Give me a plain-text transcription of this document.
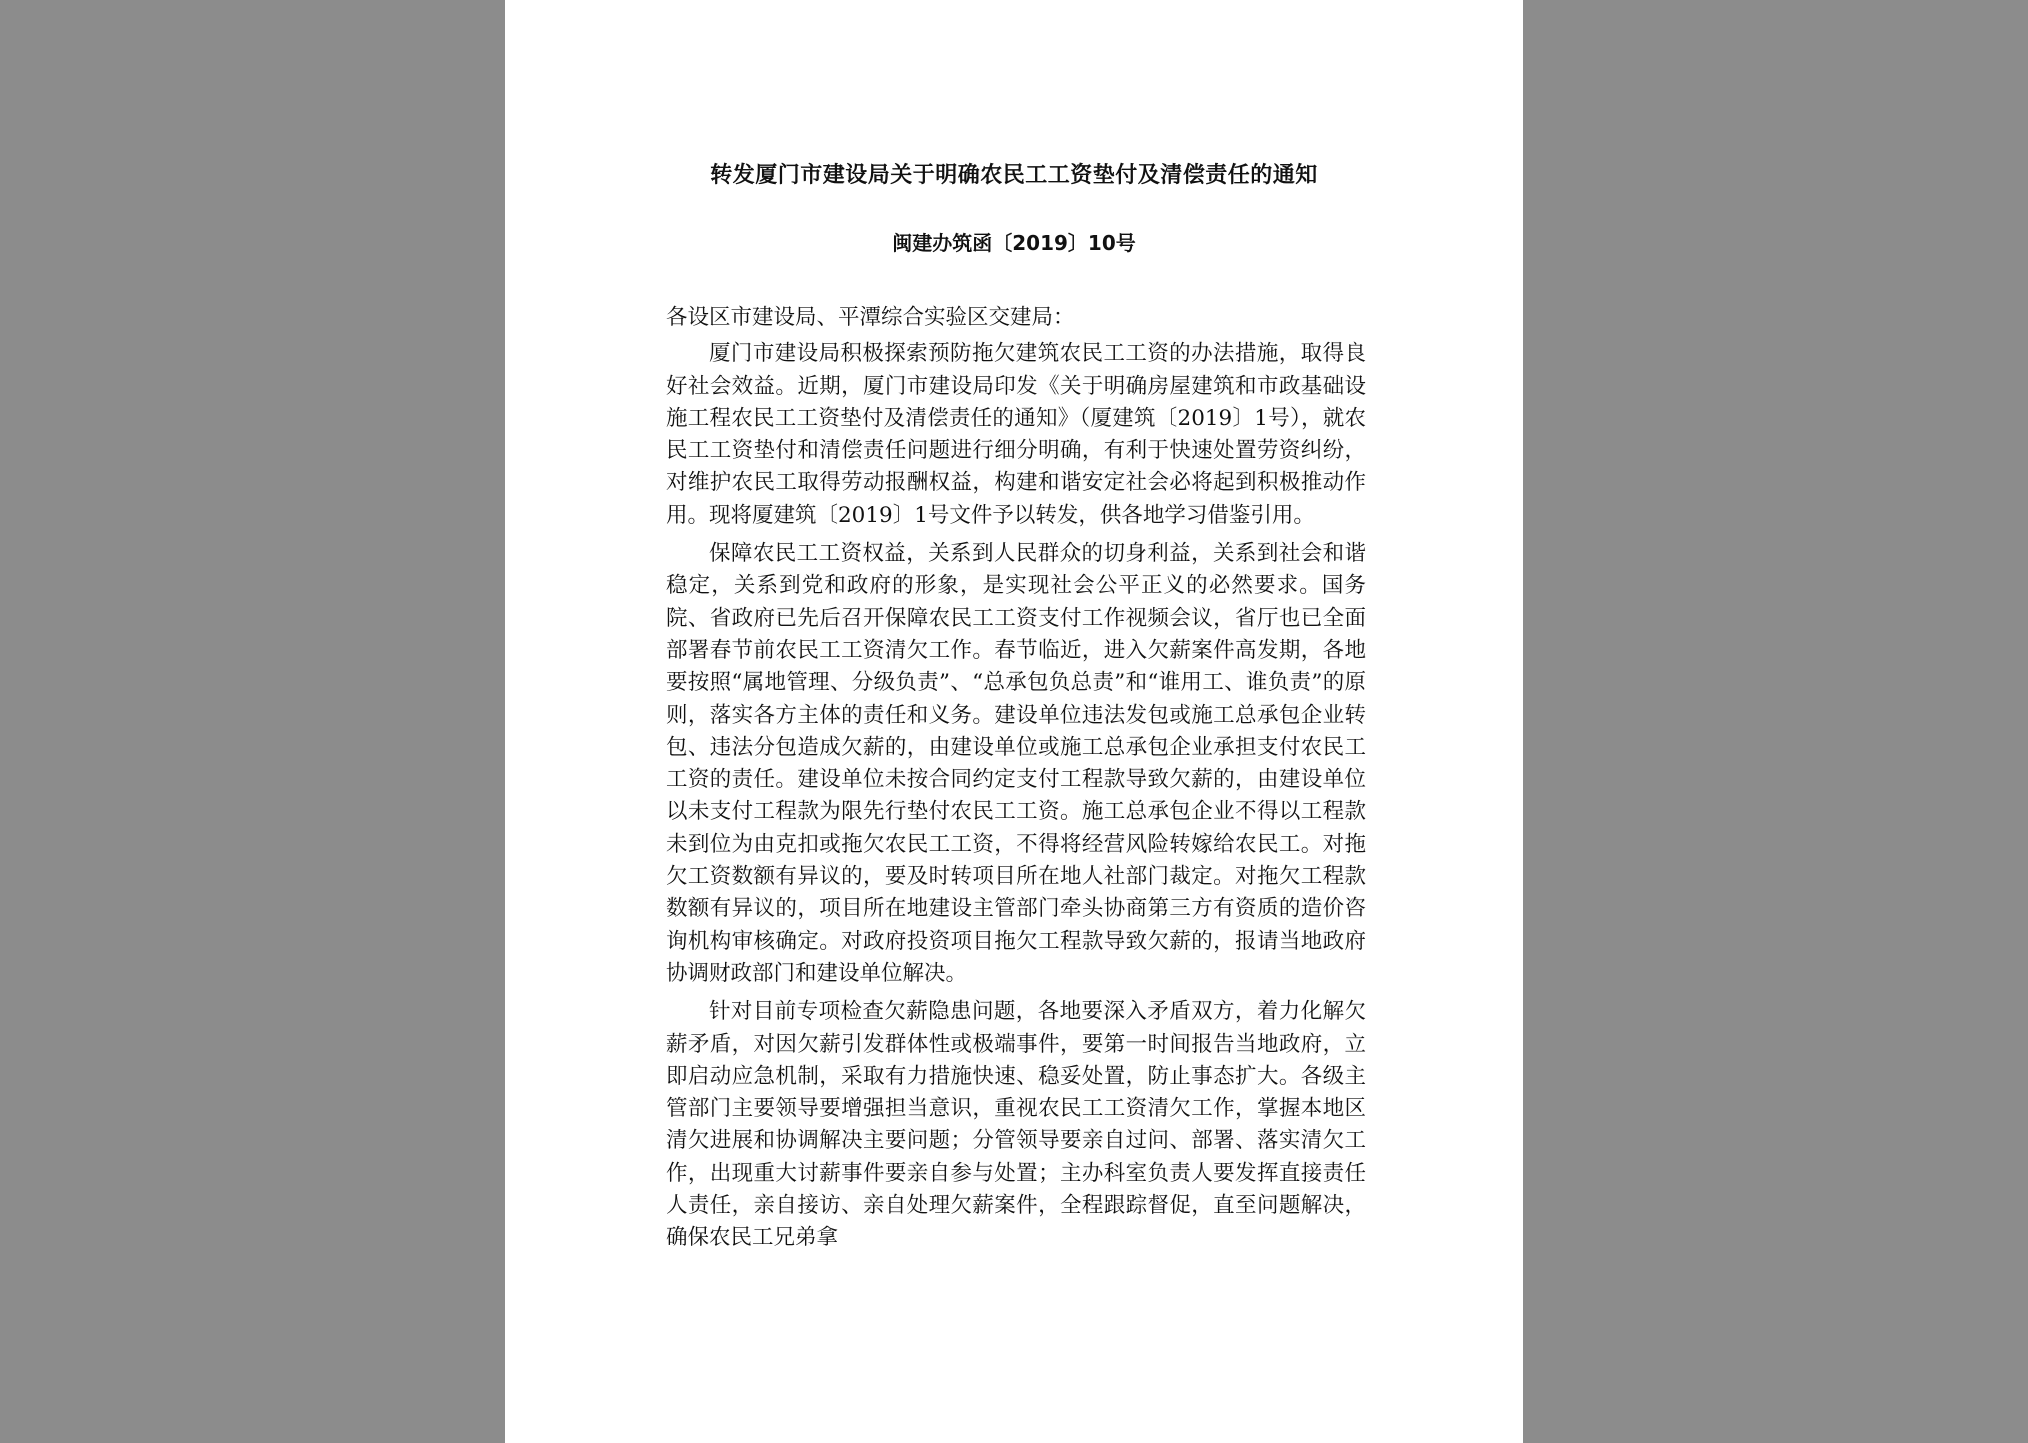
转发厦门市建设局关于明确农民工工资垫付及清偿责任的通知
闽建办筑函〔2019〕10号

各设区市建设局、平潭综合实验区交建局：

厦门市建设局积极探索预防拖欠建筑农民工工资的办法措施，取得良好社会效益。近期，厦门市建设局印发《关于明确房屋建筑和市政基础设施工程农民工工资垫付及清偿责任的通知》（厦建筑〔2019〕1号），就农民工工资垫付和清偿责任问题进行细分明确，有利于快速处置劳资纠纷，对维护农民工取得劳动报酬权益，构建和谐安定社会必将起到积极推动作用。现将厦建筑〔2019〕1号文件予以转发，供各地学习借鉴引用。

保障农民工工资权益，关系到人民群众的切身利益，关系到社会和谐稳定，关系到党和政府的形象，是实现社会公平正义的必然要求。国务院、省政府已先后召开保障农民工工资支付工作视频会议，省厅也已全面部署春节前农民工工资清欠工作。春节临近，进入欠薪案件高发期，各地要按照“属地管理、分级负责”、“总承包负总责”和“谁用工、谁负责”的原则，落实各方主体的责任和义务。建设单位违法发包或施工总承包企业转包、违法分包造成欠薪的，由建设单位或施工总承包企业承担支付农民工工资的责任。建设单位未按合同约定支付工程款导致欠薪的，由建设单位以未支付工程款为限先行垫付农民工工资。施工总承包企业不得以工程款未到位为由克扣或拖欠农民工工资，不得将经营风险转嫁给农民工。对拖欠工资数额有异议的，要及时转项目所在地人社部门裁定。对拖欠工程款数额有异议的，项目所在地建设主管部门牵头协商第三方有资质的造价咨询机构审核确定。对政府投资项目拖欠工程款导致欠薪的，报请当地政府协调财政部门和建设单位解决。

针对目前专项检查欠薪隐患问题，各地要深入矛盾双方，着力化解欠薪矛盾，对因欠薪引发群体性或极端事件，要第一时间报告当地政府，立即启动应急机制，采取有力措施快速、稳妥处置，防止事态扩大。各级主管部门主要领导要增强担当意识，重视农民工工资清欠工作，掌握本地区清欠进展和协调解决主要问题；分管领导要亲自过问、部署、落实清欠工作，出现重大讨薪事件要亲自参与处置；主办科室负责人要发挥直接责任人责任，亲自接访、亲自处理欠薪案件，全程跟踪督促，直至问题解决，确保农民工兄弟拿
